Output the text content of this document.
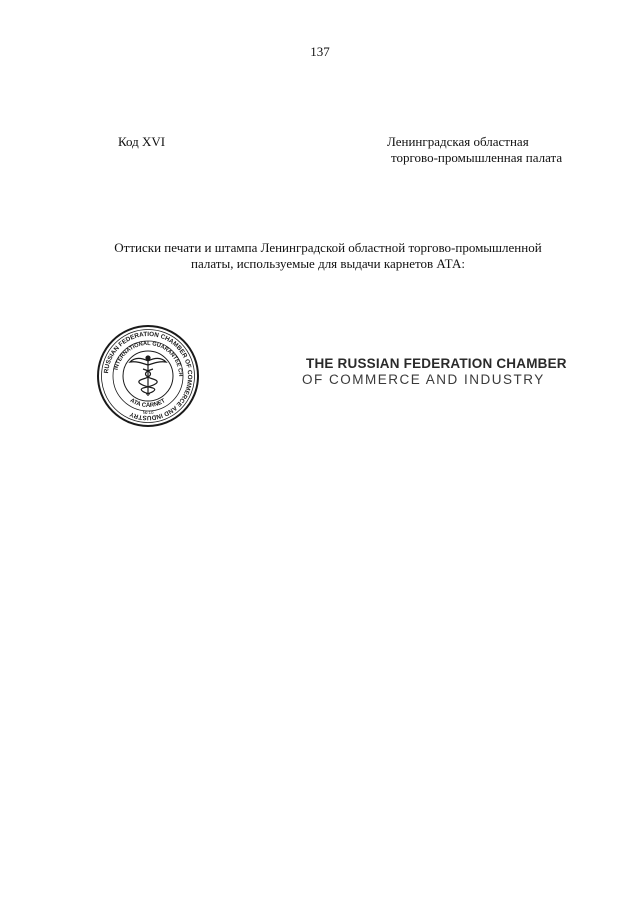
137
Код XVI	Ленинградская областная
торгово-промышленная палата
Оттиски печати и штампа Ленинградской областной торгово-промышленной
палаты, используемые для выдачи карнетов АТА:
RUSSIAN FEDERATION CHAMBER OF COMMERCE AND INDUSTRY
INTERNATIONAL GUARANTEE CH
ATA CARNET
№ 10
THE RUSSIAN FEDERATION CHAMBER
OF COMMERCE AND INDUSTRY
